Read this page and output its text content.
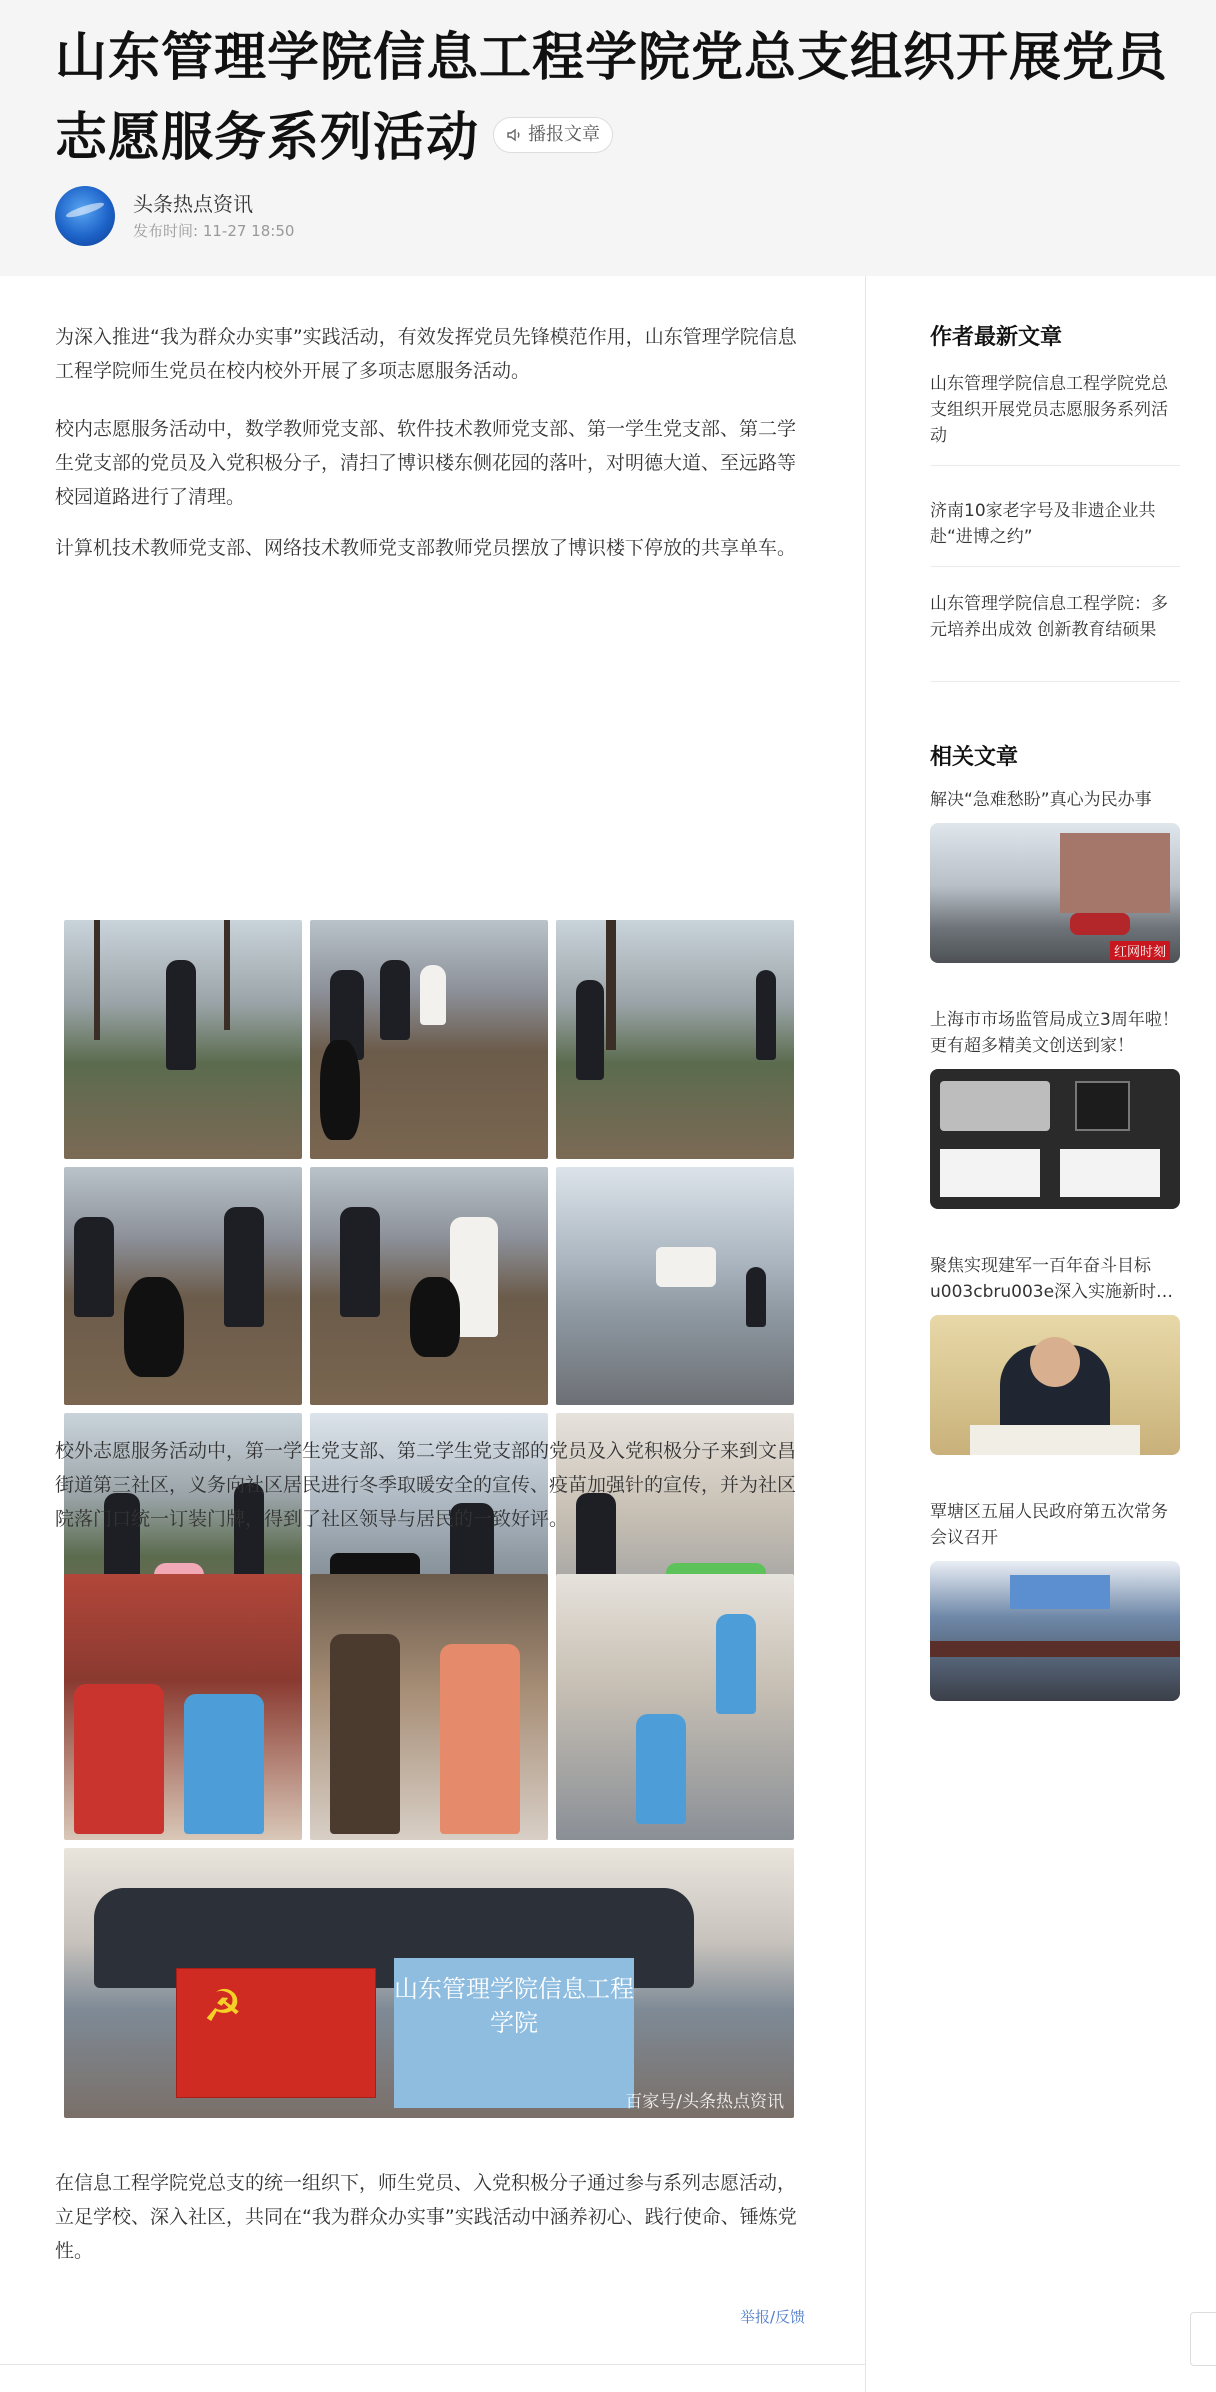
山东管理学院信息工程学院党总支组织开展党员志愿服务系列活动	播报文章
头条热点资讯
发布时间: 11-27 18:50

为深入推进“我为群众办实事”实践活动，有效发挥党员先锋模范作用，山东管理学院信息工程学院师生党员在校内校外开展了多项志愿服务活动。

校内志愿服务活动中，数学教师党支部、软件技术教师党支部、第一学生党支部、第二学生党支部的党员及入党积极分子，清扫了博识楼东侧花园的落叶，对明德大道、至远路等校园道路进行了清理。

计算机技术教师党支部、网络技术教师党支部教师党员摆放了博识楼下停放的共享单车。

校外志愿服务活动中，第一学生党支部、第二学生党支部的党员及入党积极分子来到文昌街道第三社区，义务向社区居民进行冬季取暖安全的宣传、疫苗加强针的宣传，并为社区院落门口统一订装门牌，得到了社区领导与居民的一致好评。

☭
山东管理学院信息工程学院
百家号/头条热点资讯

在信息工程学院党总支的统一组织下，师生党员、入党积极分子通过参与系列志愿活动，立足学校、深入社区，共同在“我为群众办实事”实践活动中涵养初心、践行使命、锤炼党性。

举报/反馈
作者最新文章
山东管理学院信息工程学院党总支组织开展党员志愿服务系列活动
济南10家老字号及非遗企业共赴“进博之约”
山东管理学院信息工程学院：多元培养出成效 创新教育结硕果
相关文章
解决“急难愁盼”真心为民办事
红网时刻
上海市市场监管局成立3周年啦！更有超多精美文创送到家！
聚焦实现建军一百年奋斗目标u003cbru003e深入实施新时…
覃塘区五届人民政府第五次常务会议召开
